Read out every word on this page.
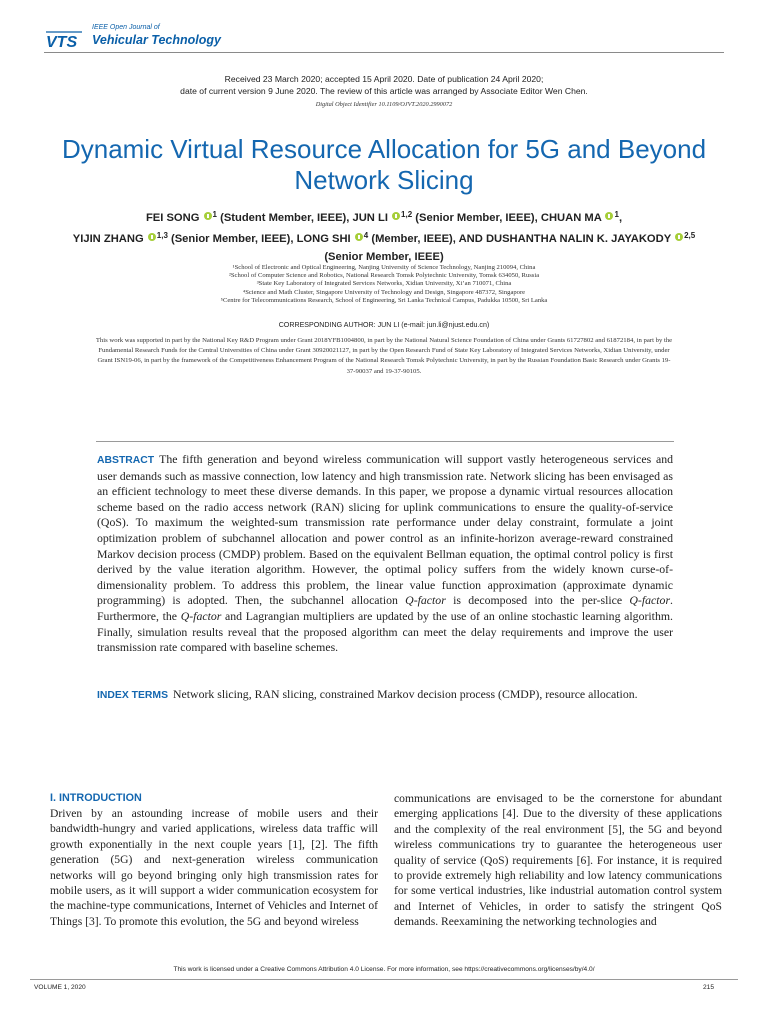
VTS
IEEE Open Journal of
Vehicular Technology
Received 23 March 2020; accepted 15 April 2020. Date of publication 24 April 2020;
date of current version 9 June 2020. The review of this article was arranged by Associate Editor Wen Chen.
Digital Object Identifier 10.1109/OJVT.2020.2990072
Dynamic Virtual Resource Allocation for 5G and Beyond Network Slicing
FEI SONG $^1$ (Student Member, IEEE), JUN LI $^{1,2}$ (Senior Member, IEEE), CHUAN MA $^1$,
YIJIN ZHANG $^{1,3}$ (Senior Member, IEEE), LONG SHI $^4$ (Member, IEEE), AND DUSHANTHA NALIN K. JAYAKODY $^{2,5}$ (Senior Member, IEEE)
¹School of Electronic and Optical Engineering, Nanjing University of Science Technology, Nanjing 210094, China
²School of Computer Science and Robotics, National Research Tomsk Polytechnic University, Tomsk 634050, Russia
³State Key Laboratory of Integrated Services Networks, Xidian University, Xi’an 710071, China
⁴Science and Math Cluster, Singapore University of Technology and Design, Singapore 487372, Singapore
⁵Centre for Telecommunications Research, School of Engineering, Sri Lanka Technical Campus, Padukka 10500, Sri Lanka
CORRESPONDING AUTHOR: JUN LI (e-mail: jun.li@njust.edu.cn)
This work was supported in part by the National Key R&D Program under Grant 2018YFB1004800, in part by the National Natural Science Foundation of China under Grants 61727802 and 61872184, in part by the Fundamental Research Funds for the Central Universities of China under Grant 30920021127, in part by the Open Research Fund of State Key Laboratory of Integrated Services Networks, Xidian University, under Grant ISN19-06, in part by the framework of the Competitiveness Enhancement Program of the National Research Tomsk Polytechnic University, in part by the Russian Foundation Basic Research under Grants 19-37-90037 and 19-37-90105.
ABSTRACT The fifth generation and beyond wireless communication will support vastly heterogeneous services and user demands such as massive connection, low latency and high transmission rate. Network slicing has been envisaged as an efficient technology to meet these diverse demands. In this paper, we propose a dynamic virtual resources allocation scheme based on the radio access network (RAN) slicing for uplink communications to ensure the quality-of-service (QoS). To maximum the weighted-sum transmission rate performance under delay constraint, formulate a joint optimization problem of subchannel allocation and power control as an infinite-horizon average-reward constrained Markov decision process (CMDP) problem. Based on the equivalent Bellman equation, the optimal control policy is first derived by the value iteration algorithm. However, the optimal policy suffers from the widely known curse-of-dimensionality problem. To address this problem, the linear value function approximation (approximate dynamic programming) is adopted. Then, the subchannel allocation Q-factor is decomposed into the per-slice Q-factor. Furthermore, the Q-factor and Lagrangian multipliers are updated by the use of an online stochastic learning algorithm. Finally, simulation results reveal that the proposed algorithm can meet the delay requirements and improve the user transmission rate compared with baseline schemes.
INDEX TERMS Network slicing, RAN slicing, constrained Markov decision process (CMDP), resource allocation.
I. INTRODUCTION
Driven by an astounding increase of mobile users and their bandwidth-hungry and varied applications, wireless data traffic will growth exponentially in the next couple years [1], [2]. The fifth generation (5G) and next-generation wireless communication networks will go beyond bringing only high transmission rates for mobile users, as it will support a wider communication ecosystem for the machine-type communications, Internet of Vehicles and Internet of Things [3]. To promote this evolution, the 5G and beyond wireless
communications are envisaged to be the cornerstone for abundant emerging applications [4]. Due to the diversity of these applications and the complexity of the real environment [5], the 5G and beyond wireless communications try to guarantee the heterogeneous user quality of service (QoS) requirements [6]. For instance, it is required to provide extremely high reliability and low latency communications for some vertical industries, like industrial automation control system and Internet of Vehicles, in order to satisfy the stringent QoS demands. Reexamining the networking technologies and
This work is licensed under a Creative Commons Attribution 4.0 License. For more information, see https://creativecommons.org/licenses/by/4.0/
VOLUME 1, 2020	215
